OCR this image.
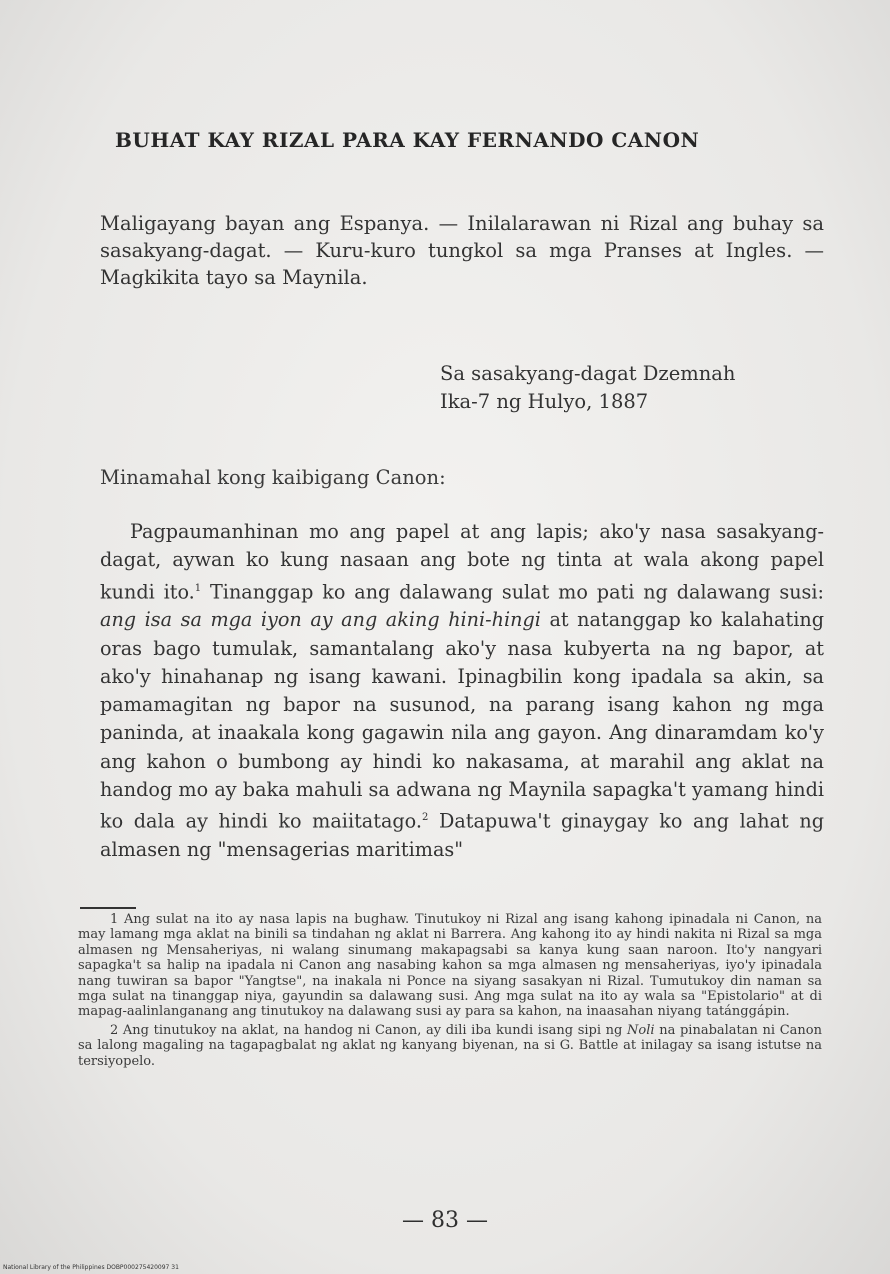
BUHAT KAY RIZAL PARA KAY FERNANDO CANON
Maligayang bayan ang Espanya. — Inilalarawan ni Rizal ang buhay sa sasakyang-dagat. — Kuru-kuro tungkol sa mga Pranses at Ingles. — Magkikita tayo sa Maynila.
Sa sasakyang-dagat Dzemnah
Ika-7 ng Hulyo, 1887
Minamahal kong kaibigang Canon:

Pagpaumanhinan mo ang papel at ang lapis; ako'y nasa sasakyang-dagat, aywan ko kung nasaan ang bote ng tinta at wala akong papel kundi ito.$^1$ Tinanggap ko ang dalawang sulat mo pati ng dalawang susi: ang isa sa mga iyon ay ang aking hini-hingi at natanggap ko kalahating oras bago tumulak, samantalang ako'y nasa kubyerta na ng bapor, at ako'y hinahanap ng isang kawani. Ipinagbilin kong ipadala sa akin, sa pamamagitan ng bapor na susunod, na parang isang kahon ng mga paninda, at inaakala kong gagawin nila ang gayon. Ang dinaramdam ko'y ang kahon o bumbong ay hindi ko nakasama, at marahil ang aklat na handog mo ay baka mahuli sa adwana ng Maynila sapagka't yamang hindi ko dala ay hindi ko maiitatago.$^2$ Datapuwa't ginaygay ko ang lahat ng almasen ng "mensagerias maritimas"

1 Ang sulat na ito ay nasa lapis na bughaw. Tinutukoy ni Rizal ang isang kahong ipinadala ni Canon, na may lamang mga aklat na binili sa tindahan ng aklat ni Barrera. Ang kahong ito ay hindi nakita ni Rizal sa mga almasen ng Mensaheriyas, ni walang sinumang makapagsabi sa kanya kung saan naroon. Ito'y nangyari sapagka't sa halip na ipadala ni Canon ang nasabing kahon sa mga almasen ng mensaheriyas, iyo'y ipinadala nang tuwiran sa bapor "Yangtse", na inakala ni Ponce na siyang sasakyan ni Rizal. Tumutukoy din naman sa mga sulat na tinanggap niya, gayundin sa dalawang susi. Ang mga sulat na ito ay wala sa "Epistolario" at di mapag-aalinlanganang ang tinutukoy na dalawang susi ay para sa kahon, na inaasahan niyang tatánggápin.

2 Ang tinutukoy na aklat, na handog ni Canon, ay dili iba kundi isang sipi ng Noli na pinabalatan ni Canon sa lalong magaling na tagapagbalat ng aklat ng kanyang biyenan, na si G. Battle at inilagay sa isang istutse na tersiyopelo.

— 83 —
National Library of the Philippines DOBP000275420097 31
